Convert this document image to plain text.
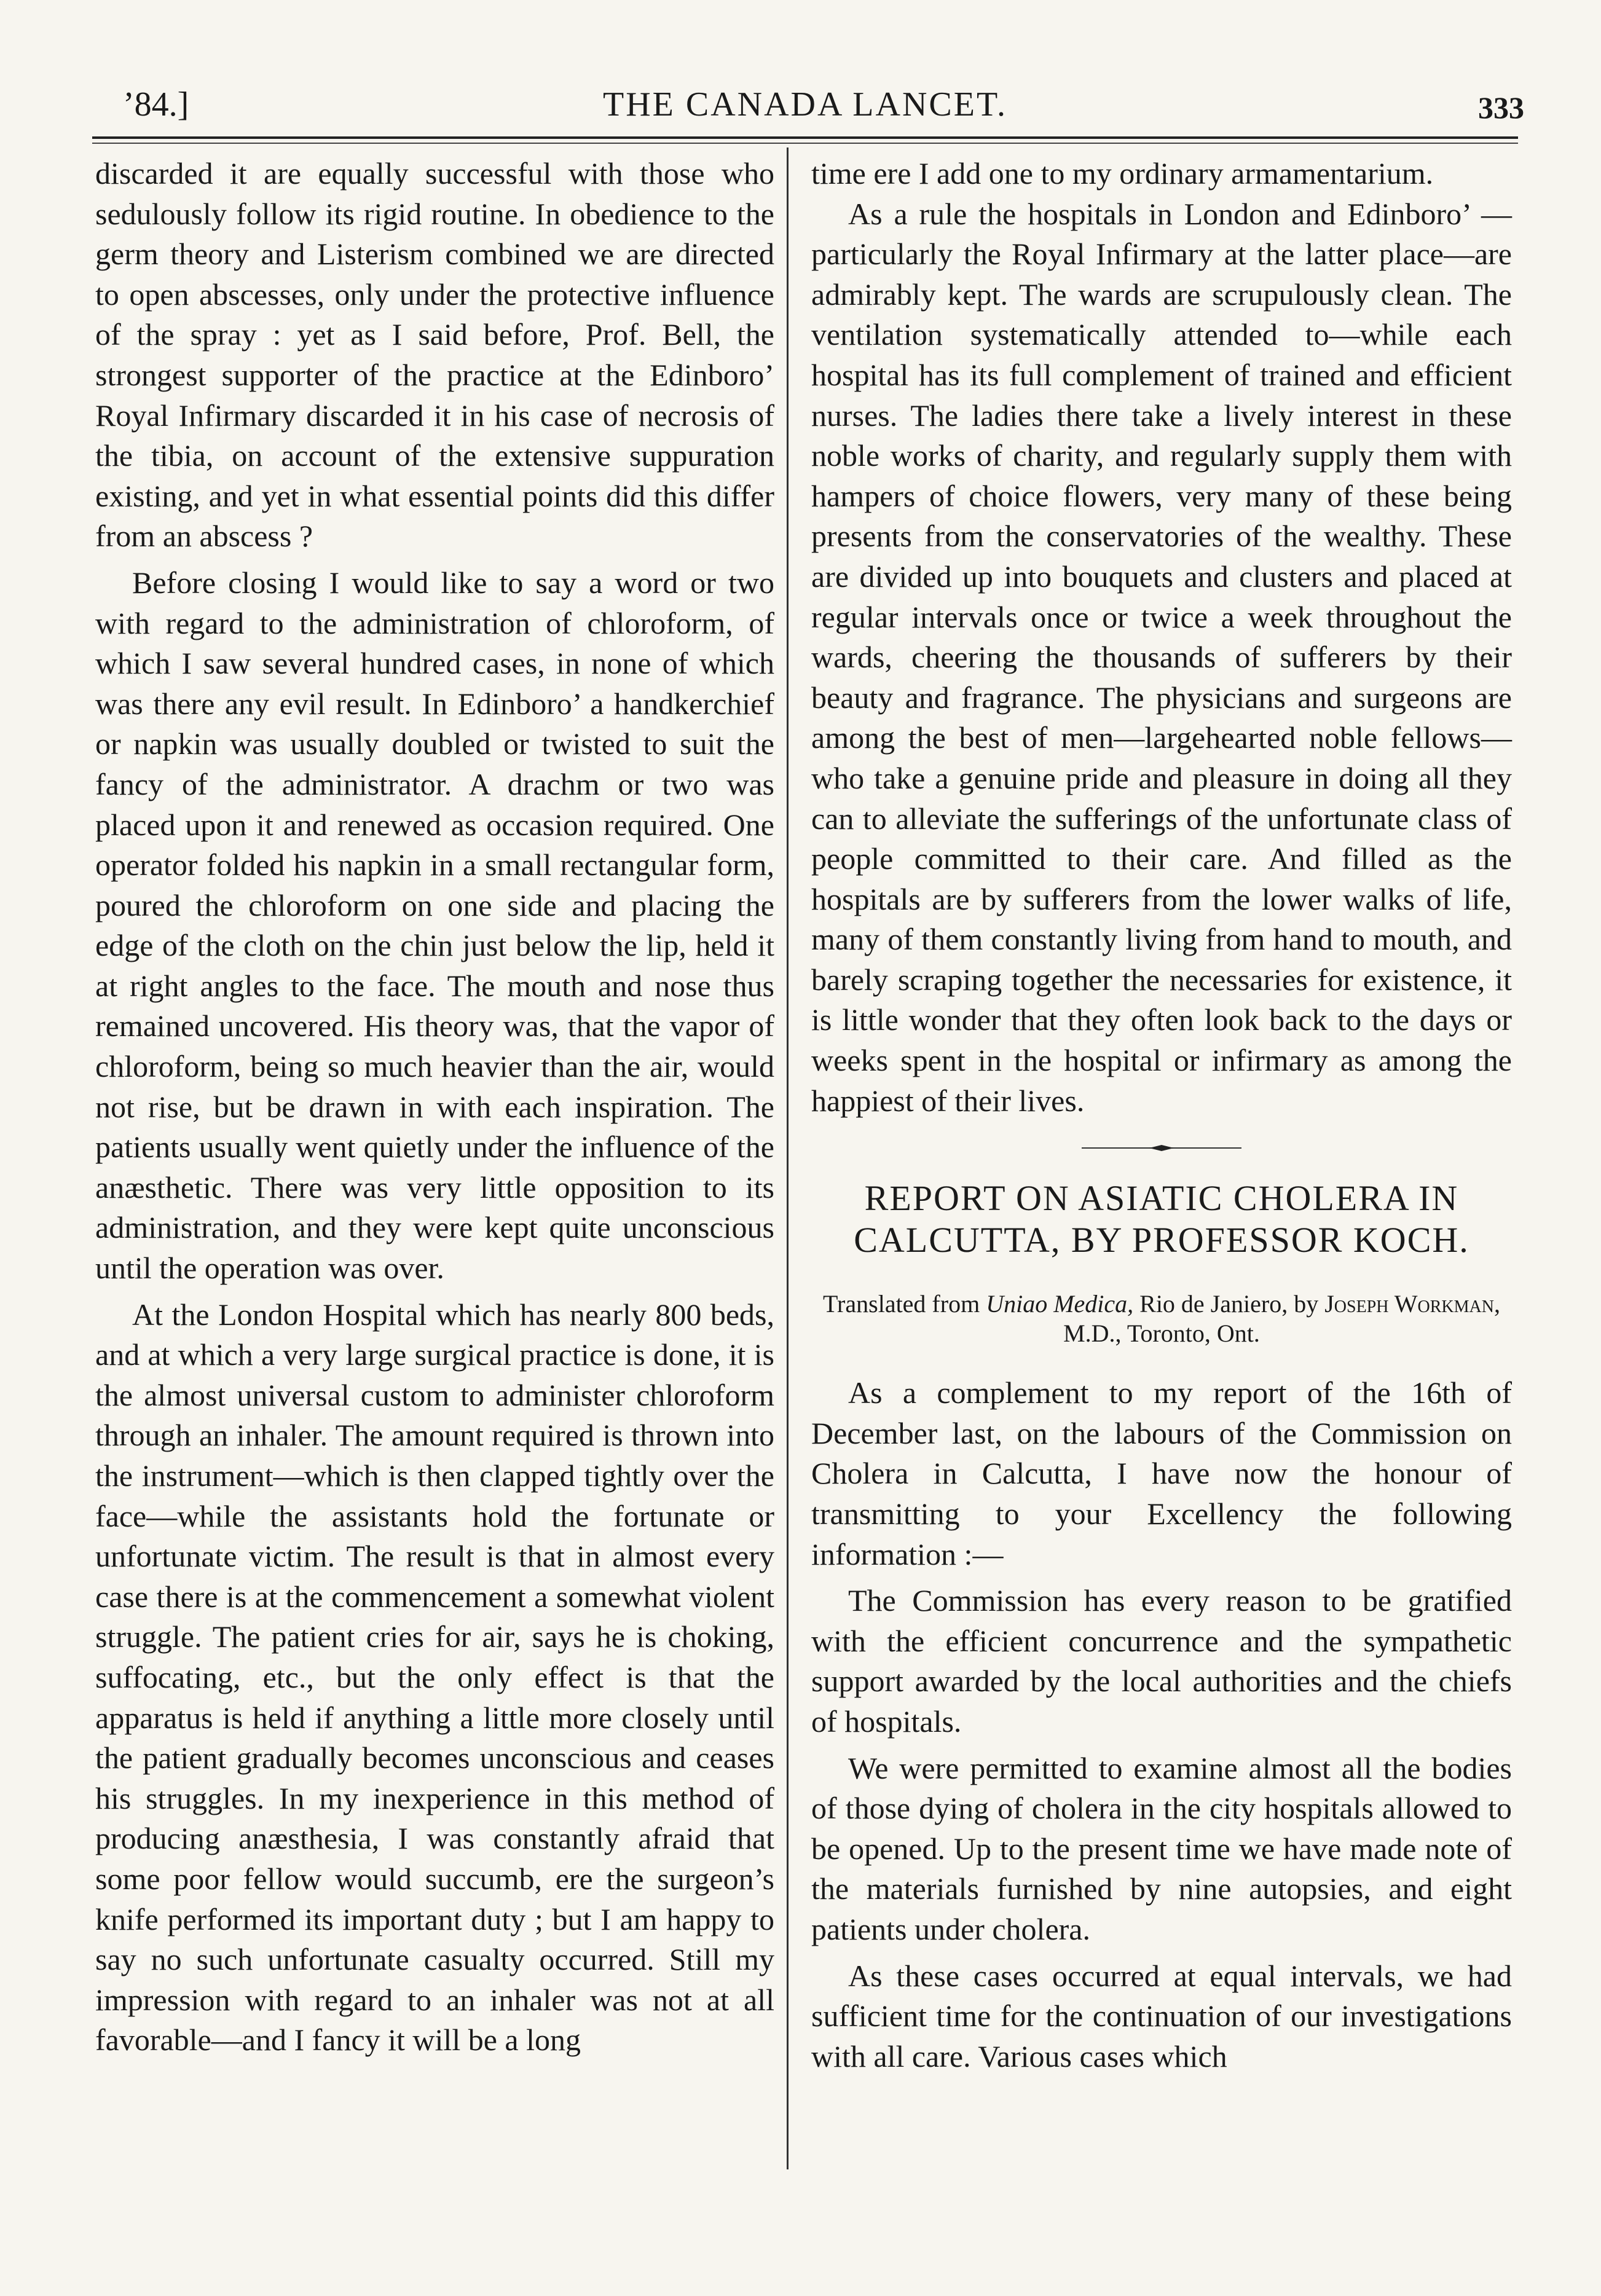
’84.]	THE CANADA LANCET.	333

discarded it are equally successful with those who sedulously follow its rigid routine. In obedience to the germ theory and Listerism combined we are directed to open abscesses, only under the protective influence of the spray : yet as I said before, Prof. Bell, the strongest supporter of the practice at the Edinboro’ Royal Infirmary discarded it in his case of necrosis of the tibia, on account of the extensive suppuration existing, and yet in what essential points did this differ from an abscess ?

Before closing I would like to say a word or two with regard to the administration of chloroform, of which I saw several hundred cases, in none of which was there any evil result. In Edinboro’ a handkerchief or napkin was usually doubled or twisted to suit the fancy of the administrator. A drachm or two was placed upon it and renewed as occasion required. One operator folded his napkin in a small rectangular form, poured the chloroform on one side and placing the edge of the cloth on the chin just below the lip, held it at right angles to the face. The mouth and nose thus remained uncovered. His theory was, that the vapor of chloroform, being so much heavier than the air, would not rise, but be drawn in with each inspiration. The patients usually went quietly under the influence of the anæsthetic. There was very little opposition to its administration, and they were kept quite unconscious until the operation was over.

At the London Hospital which has nearly 800 beds, and at which a very large surgical practice is done, it is the almost universal custom to administer chloroform through an inhaler. The amount required is thrown into the instrument—which is then clapped tightly over the face—while the assistants hold the fortunate or unfortunate victim. The result is that in almost every case there is at the commencement a somewhat violent struggle. The patient cries for air, says he is choking, suffocating, etc., but the only effect is that the apparatus is held if anything a little more closely until the patient gradually becomes unconscious and ceases his struggles. In my inexperience in this method of producing anæsthesia, I was constantly afraid that some poor fellow would succumb, ere the surgeon’s knife performed its important duty ; but I am happy to say no such unfortunate casualty occurred. Still my impression with regard to an inhaler was not at all favorable—and I fancy it will be a long

time ere I add one to my ordinary armamentarium.

As a rule the hospitals in London and Edinboro’ —particularly the Royal Infirmary at the latter place—are admirably kept. The wards are scrupulously clean. The ventilation systematically attended to—while each hospital has its full complement of trained and efficient nurses. The ladies there take a lively interest in these noble works of charity, and regularly supply them with hampers of choice flowers, very many of these being presents from the conservatories of the wealthy. These are divided up into bouquets and clusters and placed at regular intervals once or twice a week throughout the wards, cheering the thousands of sufferers by their beauty and fragrance. The physicians and surgeons are among the best of men—largehearted noble fellows—who take a genuine pride and pleasure in doing all they can to alleviate the sufferings of the unfortunate class of people committed to their care. And filled as the hospitals are by sufferers from the lower walks of life, many of them constantly living from hand to mouth, and barely scraping together the necessaries for existence, it is little wonder that they often look back to the days or weeks spent in the hospital or infirmary as among the happiest of their lives.

REPORT ON ASIATIC CHOLERA IN CALCUTTA, BY PROFESSOR KOCH.
Translated from Uniao Medica, Rio de Janiero, by Joseph Workman, M.D., Toronto, Ont.

As a complement to my report of the 16th of December last, on the labours of the Commission on Cholera in Calcutta, I have now the honour of transmitting to your Excellency the following information :—

The Commission has every reason to be gratified with the efficient concurrence and the sympathetic support awarded by the local authorities and the chiefs of hospitals.

We were permitted to examine almost all the bodies of those dying of cholera in the city hospitals allowed to be opened. Up to the present time we have made note of the materials furnished by nine autopsies, and eight patients under cholera.

As these cases occurred at equal intervals, we had sufficient time for the continuation of our investigations with all care. Various cases which
